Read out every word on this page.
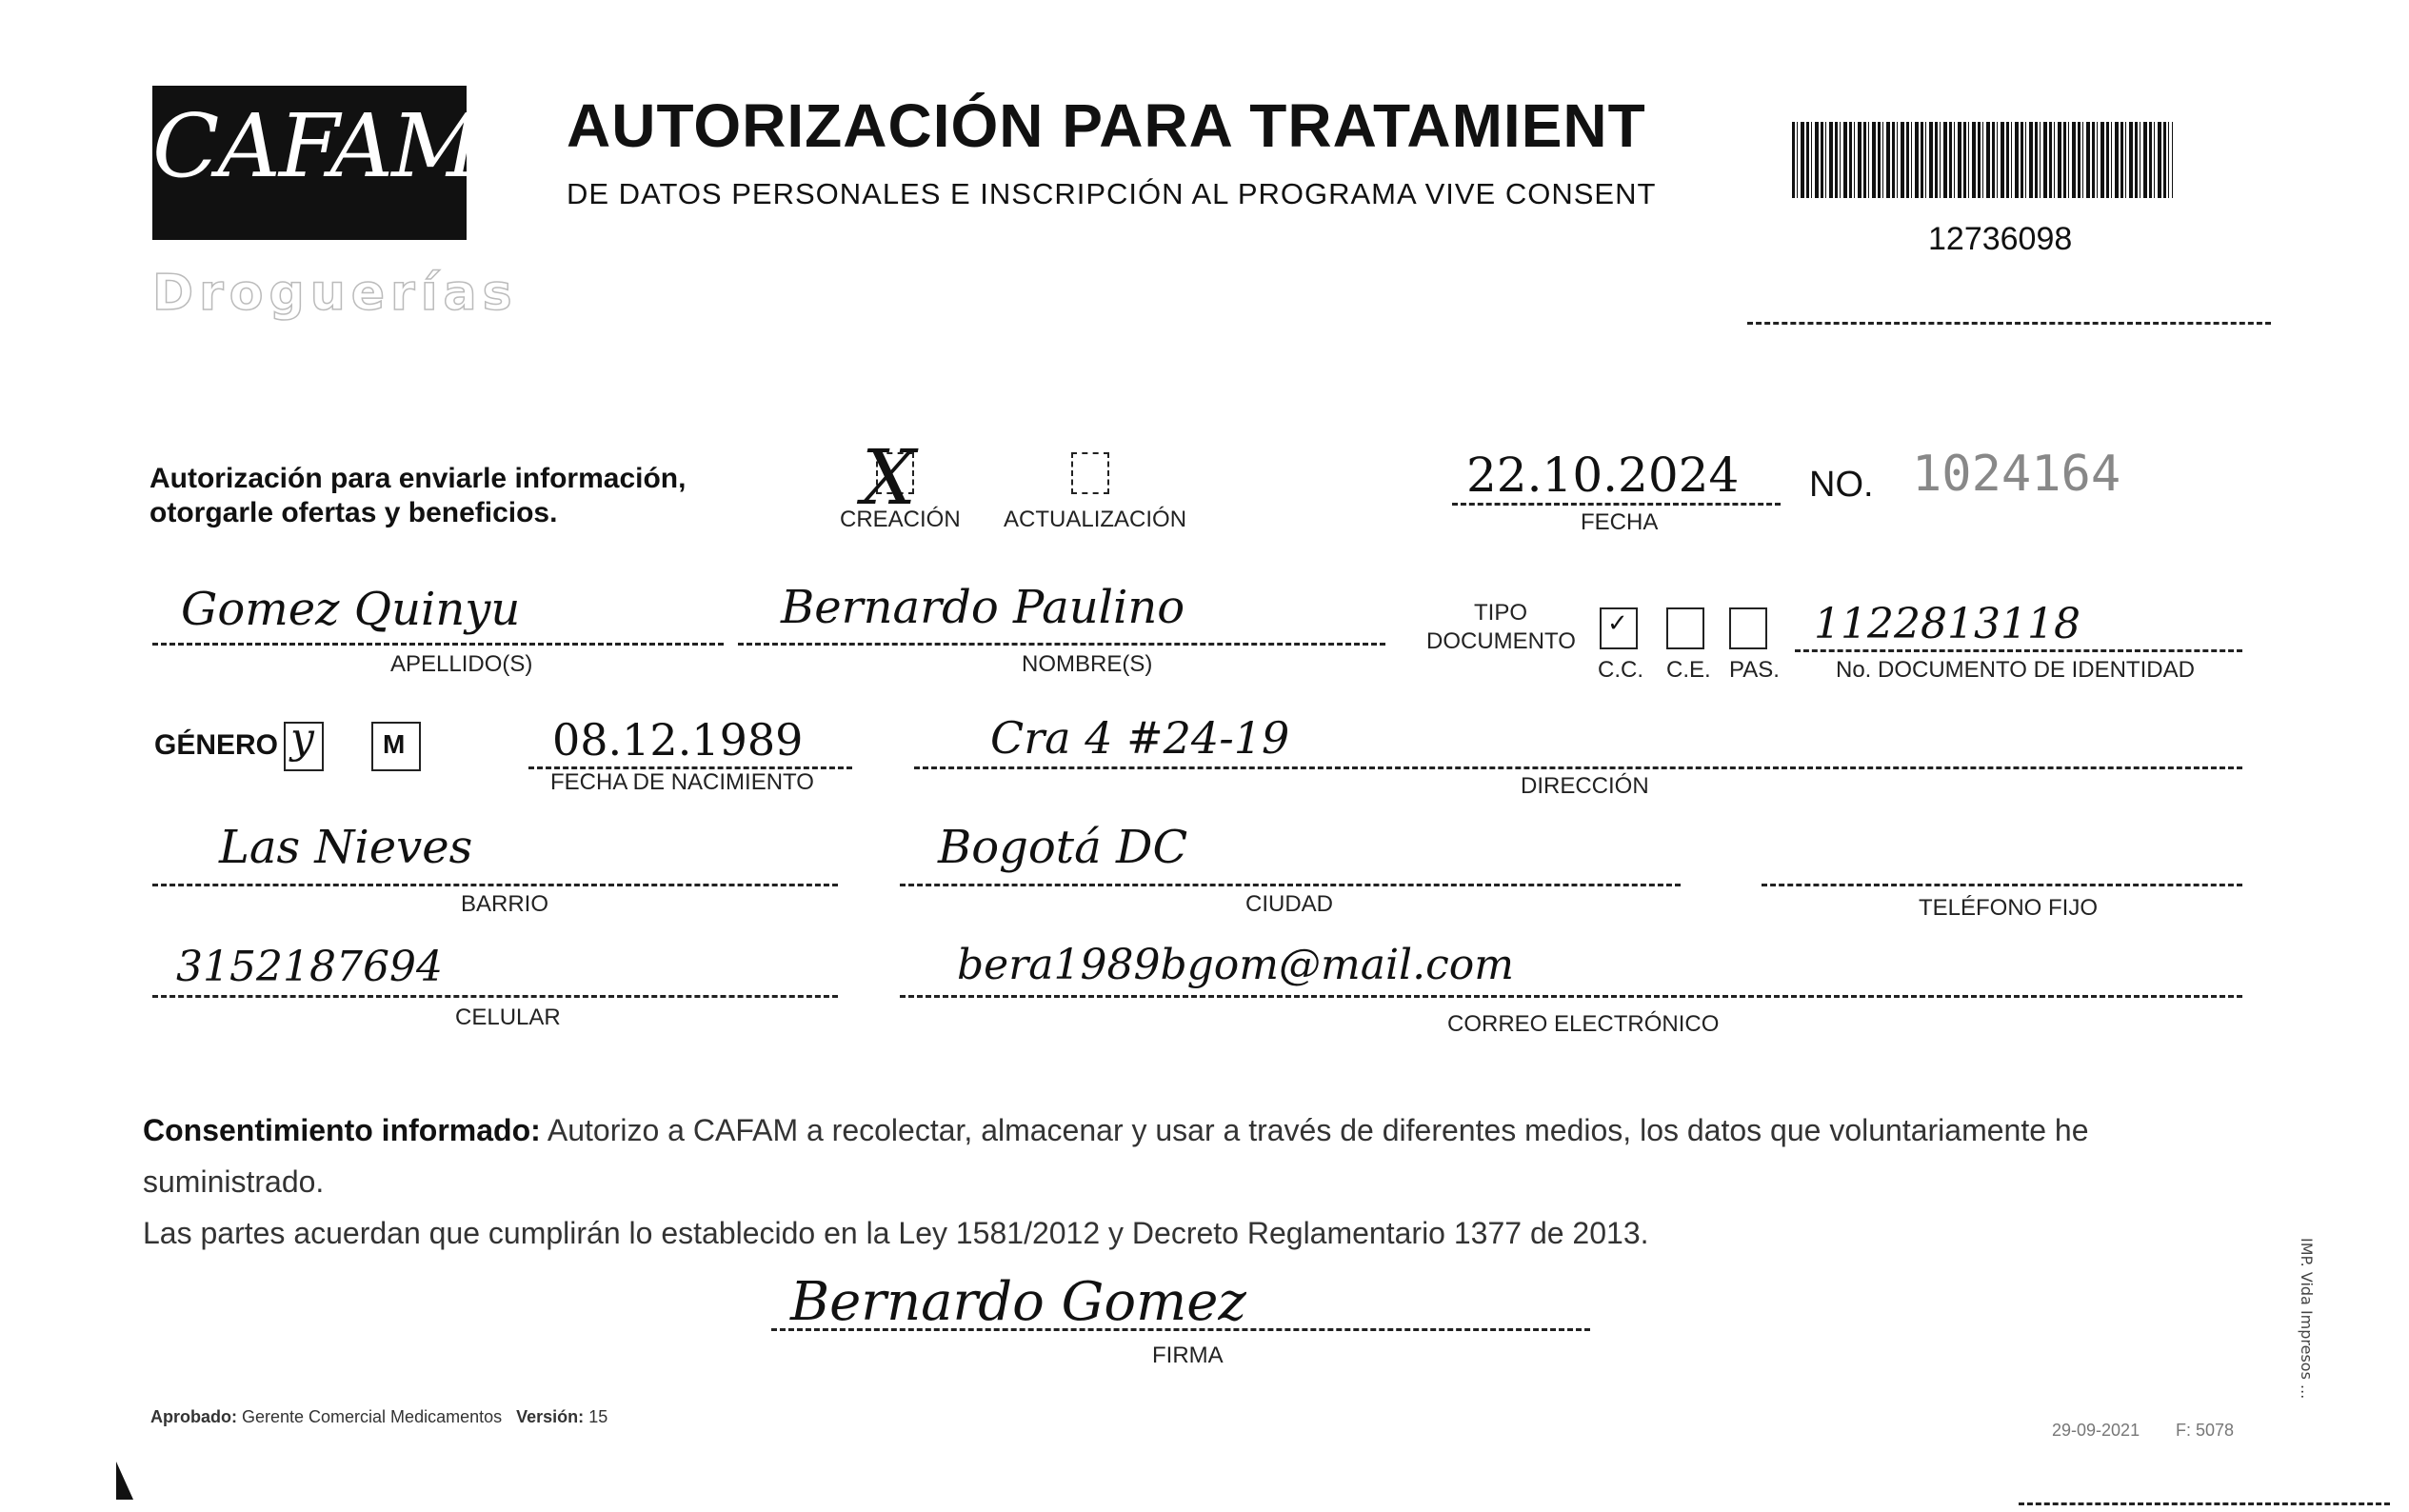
CAFAM
Droguerías
AUTORIZACIÓN PARA TRATAMIENT
DE DATOS PERSONALES E INSCRIPCIÓN AL PROGRAMA VIVE CONSENT
12736098
Autorización para enviarle información,
otorgarle ofertas y beneficios.	X
CREACIÓN ACTUALIZACIÓN
22.10.2024
FECHA
NO. 1024164
Gomez Quinyu
APELLIDO(S)
Bernardo Paulino
NOMBRE(S)
TIPO
DOCUMENTO
✓
C.C. C.E. PAS.
1122813118
No. DOCUMENTO DE IDENTIDAD
GÉNERO y	M	08.12.1989
FECHA DE NACIMIENTO
Cra 4 #24-19
DIRECCIÓN
Las Nieves
BARRIO
Bogotá DC
CIUDAD	TELÉFONO FIJO
3152187694
CELULAR
bera1989bgom@mail.com
CORREO ELECTRÓNICO
Consentimiento informado: Autorizo a CAFAM a recolectar, almacenar y usar a través de diferentes medios, los datos que voluntariamente he suministrado.
Las partes acuerdan que cumplirán lo establecido en la Ley 1581/2012 y Decreto Reglamentario 1377 de 2013.
Bernardo Gomez
FIRMA
Aprobado: Gerente Comercial Medicamentos Versión: 15
29-09-2021 F: 5078
IMP. Vida Impresos ...
